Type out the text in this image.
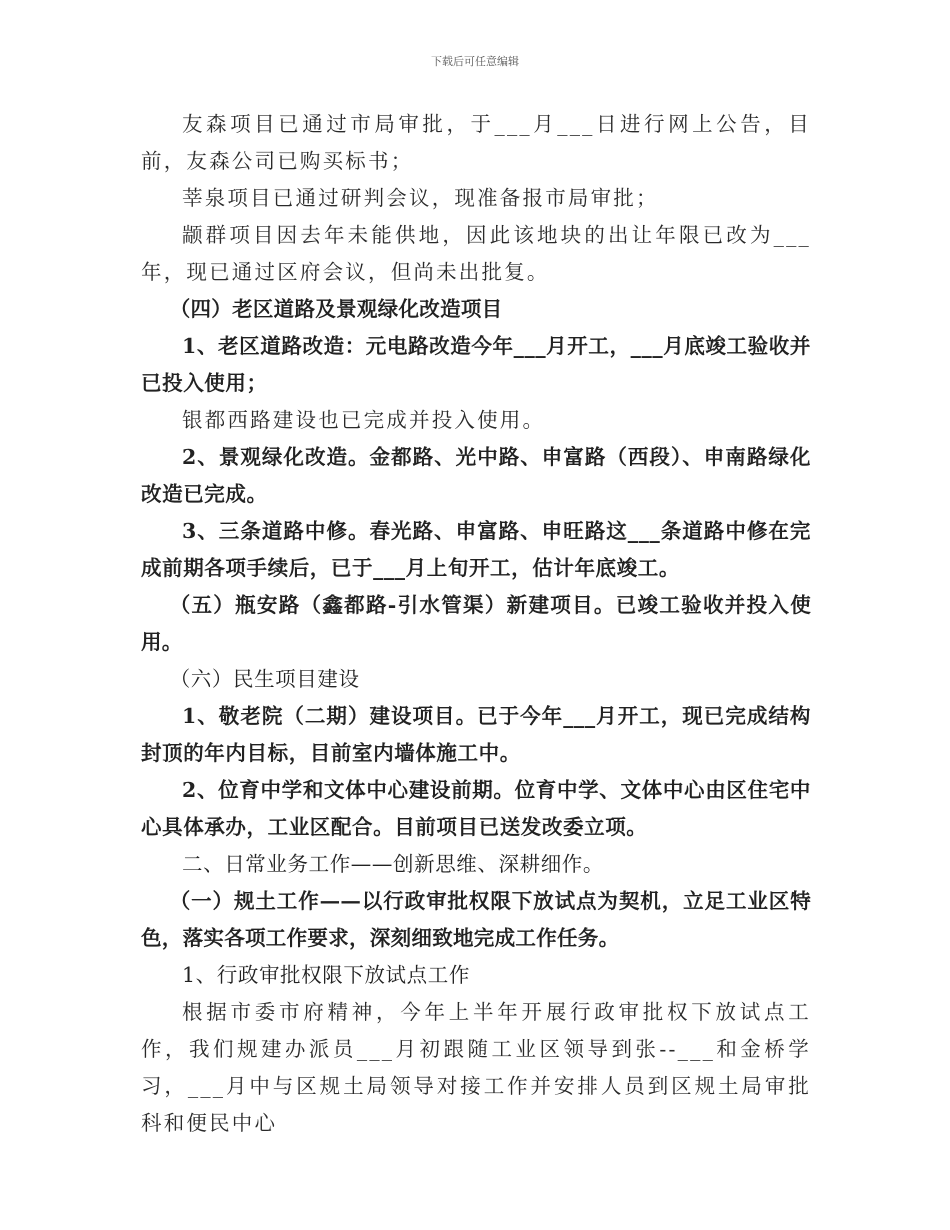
下载后可任意编辑

友森项目已通过市局审批，于___月___日进行网上公告，目前，友森公司已购买标书；

莘泉项目已通过研判会议，现准备报市局审批；

颛群项目因去年未能供地，因此该地块的出让年限已改为___年，现已通过区府会议，但尚未出批复。

（四）老区道路及景观绿化改造项目

1、老区道路改造：元电路改造今年___月开工，___月底竣工验收并已投入使用；

银都西路建设也已完成并投入使用。

2、景观绿化改造。金都路、光中路、申富路（西段）、申南路绿化改造已完成。

3、三条道路中修。春光路、申富路、申旺路这___条道路中修在完成前期各项手续后，已于___月上旬开工，估计年底竣工。

（五）瓶安路（鑫都路-引水管渠）新建项目。已竣工验收并投入使用。

（六）民生项目建设

1、敬老院（二期）建设项目。已于今年___月开工，现已完成结构封顶的年内目标，目前室内墙体施工中。

2、位育中学和文体中心建设前期。位育中学、文体中心由区住宅中心具体承办，工业区配合。目前项目已送发改委立项。

二、日常业务工作——创新思维、深耕细作。

（一）规土工作——以行政审批权限下放试点为契机，立足工业区特色，落实各项工作要求，深刻细致地完成工作任务。

1、行政审批权限下放试点工作

根据市委市府精神，今年上半年开展行政审批权下放试点工作，我们规建办派员___月初跟随工业区领导到张--___和金桥学习，___月中与区规土局领导对接工作并安排人员到区规土局审批科和便民中心
